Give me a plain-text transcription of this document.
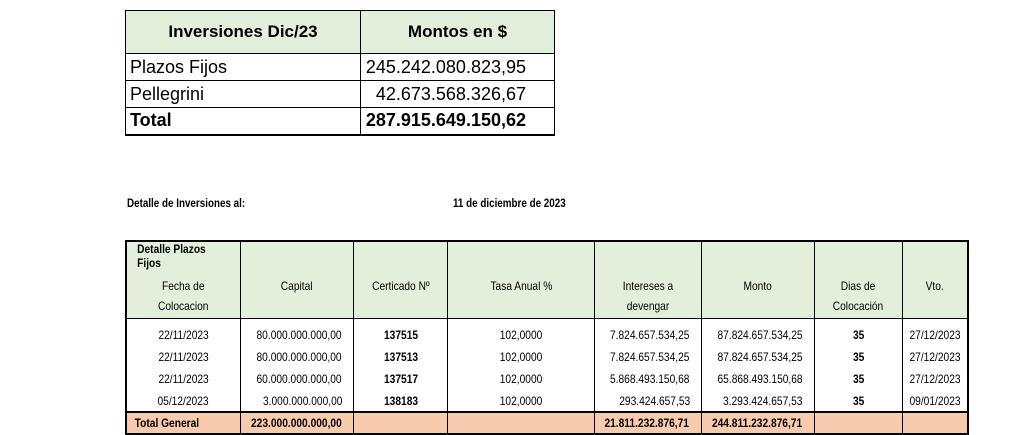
Inversiones Dic/23	Montos en $
Plazos Fijos	245.242.080.823,95
Pellegrini	42.673.568.326,67
Total	287.915.649.150,62
Detalle de Inversiones al:	11 de diciembre de 2023
Detalle Plazos Fijos							
Fecha de Colocacion	Capital	Certicado Nº	Tasa Anual %	Intereses a devengar	Monto	Dias de Colocación	Vto.
22/11/2023	80.000.000.000,00	137515	102,0000	7.824.657.534,25	87.824.657.534,25	35	27/12/2023
22/11/2023	80.000.000.000,00	137513	102,0000	7.824.657.534,25	87.824.657.534,25	35	27/12/2023
22/11/2023	60.000.000.000,00	137517	102,0000	5.868.493.150,68	65.868.493.150,68	35	27/12/2023
05/12/2023	3.000.000.000,00	138183	102,0000	293.424.657,53	3.293.424.657,53	35	09/01/2023
Total General	223.000.000.000,00			21.811.232.876,71	244.811.232.876,71		
